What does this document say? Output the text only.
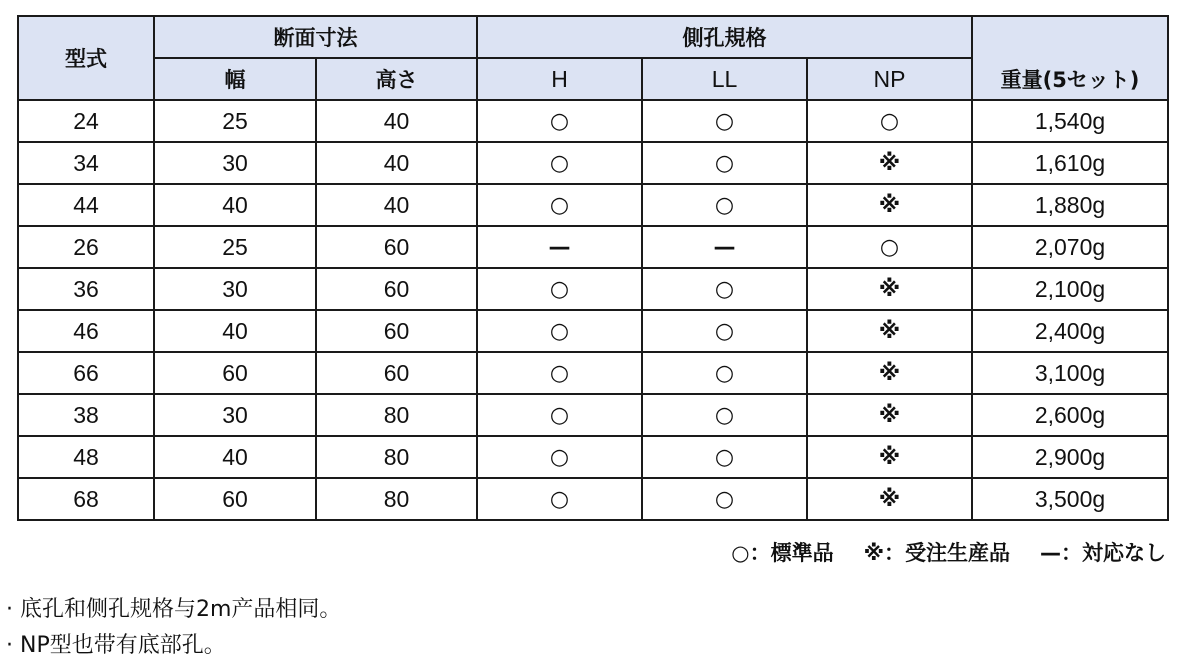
型式	断面寸法		側孔規格			
	幅	高さ	H	LL	NP	重量(5セット)
24	25	40	○	○	○	1,540g
34	30	40	○	○	※	1,610g
44	40	40	○	○	※	1,880g
26	25	60	—	—	○	2,070g
36	30	60	○	○	※	2,100g
46	40	60	○	○	※	2,400g
66	60	60	○	○	※	3,100g
38	30	80	○	○	※	2,600g
48	40	80	○	○	※	2,900g
68	60	80	○	○	※	3,500g
○：標準品 ※：受注生産品 —：対応なし
· 底孔和侧孔规格与2m产品相同。
· NP型也带有底部孔。
